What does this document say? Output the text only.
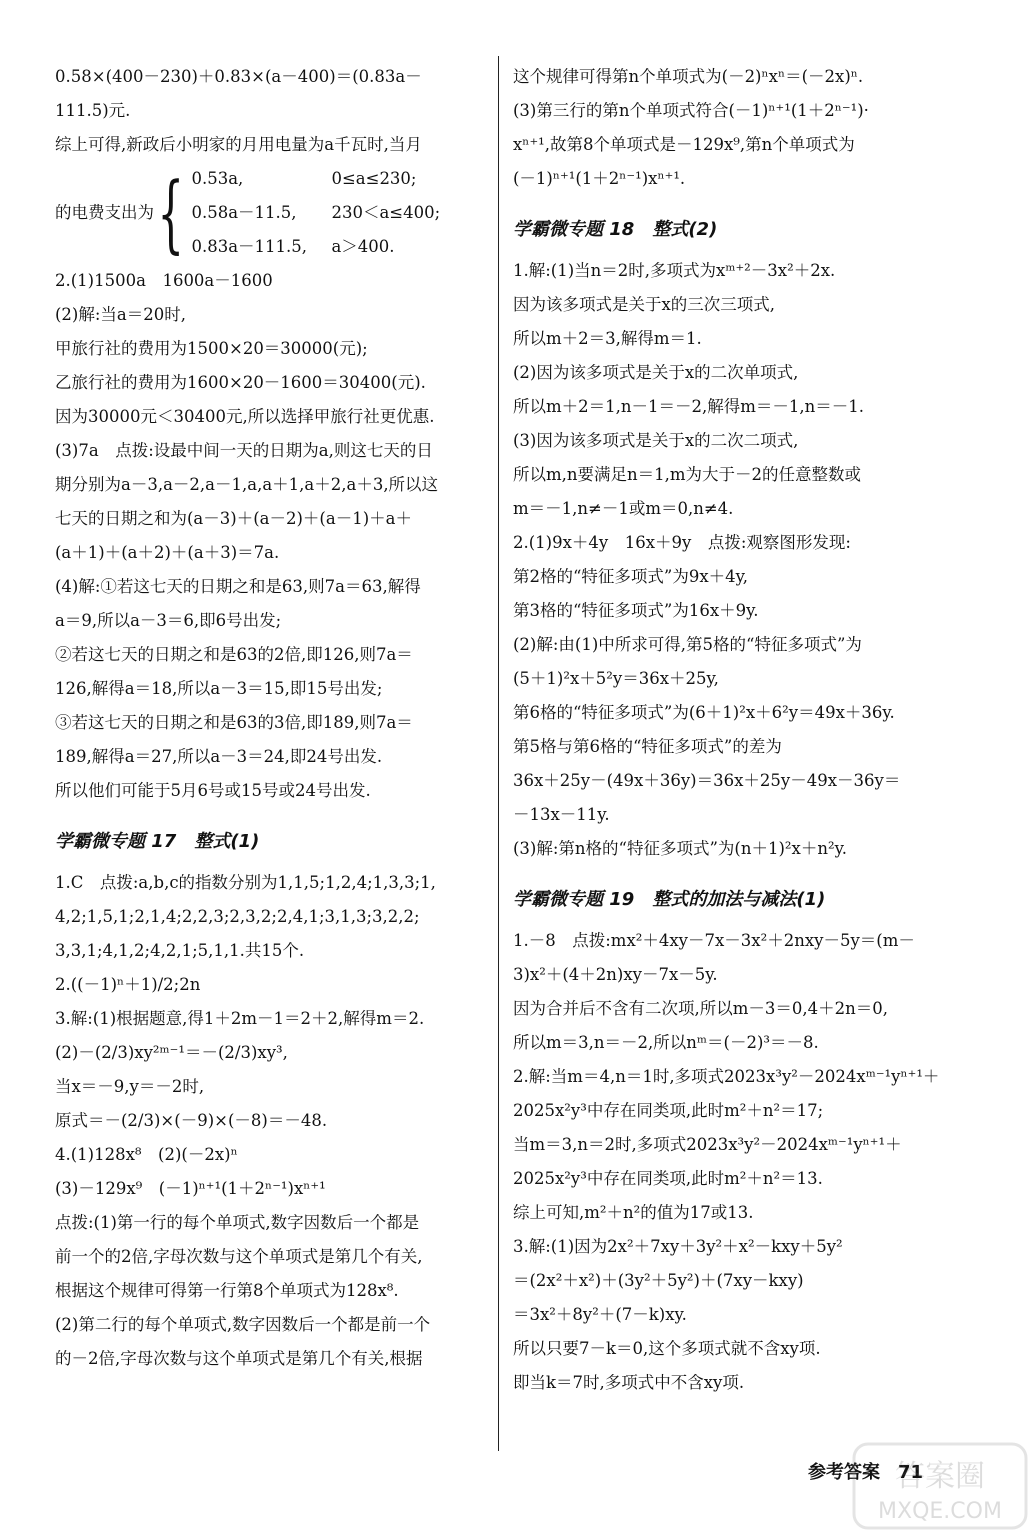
0.58×(400－230)＋0.83×(a－400)＝(0.83a－
111.5)元.
综上可得,新政后小明家的月用电量为a千瓦时,当月
的电费支出为 { 0.53a,	0≤a≤230;
0.58a－11.5, 230＜a≤400;
0.83a－111.5, a＞400.
2.(1)1500a　1600a－1600
(2)解:当a＝20时,
甲旅行社的费用为1500×20＝30000(元);
乙旅行社的费用为1600×20－1600＝30400(元).
因为30000元＜30400元,所以选择甲旅行社更优惠.
(3)7a　点拨:设最中间一天的日期为a,则这七天的日
期分别为a－3,a－2,a－1,a,a＋1,a＋2,a＋3,所以这
七天的日期之和为(a－3)＋(a－2)＋(a－1)＋a＋
(a＋1)＋(a＋2)＋(a＋3)＝7a.
(4)解:①若这七天的日期之和是63,则7a＝63,解得
a＝9,所以a－3＝6,即6号出发;
②若这七天的日期之和是63的2倍,即126,则7a＝
126,解得a＝18,所以a－3＝15,即15号出发;
③若这七天的日期之和是63的3倍,即189,则7a＝
189,解得a＝27,所以a－3＝24,即24号出发.
所以他们可能于5月6号或15号或24号出发.
学霸微专题 17　整式(1)
1.C　点拨:a,b,c的指数分别为1,1,5;1,2,4;1,3,3;1,
4,2;1,5,1;2,1,4;2,2,3;2,3,2;2,4,1;3,1,3;3,2,2;
3,3,1;4,1,2;4,2,1;5,1,1.共15个.
2.((－1)ⁿ＋1)/2;2n
3.解:(1)根据题意,得1＋2m－1＝2＋2,解得m＝2.
(2)－(2/3)xy²ᵐ⁻¹＝－(2/3)xy³,
当x＝－9,y＝－2时,
原式＝－(2/3)×(－9)×(－8)＝－48.
4.(1)128x⁸　(2)(－2x)ⁿ
(3)－129x⁹　(－1)ⁿ⁺¹(1＋2ⁿ⁻¹)xⁿ⁺¹
点拨:(1)第一行的每个单项式,数字因数后一个都是
前一个的2倍,字母次数与这个单项式是第几个有关,
根据这个规律可得第一行第8个单项式为128x⁸.
(2)第二行的每个单项式,数字因数后一个都是前一个
的－2倍,字母次数与这个单项式是第几个有关,根据
这个规律可得第n个单项式为(－2)ⁿxⁿ＝(－2x)ⁿ.
(3)第三行的第n个单项式符合(－1)ⁿ⁺¹(1＋2ⁿ⁻¹)·
xⁿ⁺¹,故第8个单项式是－129x⁹,第n个单项式为
(－1)ⁿ⁺¹(1＋2ⁿ⁻¹)xⁿ⁺¹.
学霸微专题 18　整式(2)
1.解:(1)当n＝2时,多项式为xᵐ⁺²－3x²＋2x.
因为该多项式是关于x的三次三项式,
所以m＋2＝3,解得m＝1.
(2)因为该多项式是关于x的二次单项式,
所以m＋2＝1,n－1＝－2,解得m＝－1,n＝－1.
(3)因为该多项式是关于x的二次二项式,
所以m,n要满足n＝1,m为大于－2的任意整数或
m＝－1,n≠－1或m＝0,n≠4.
2.(1)9x＋4y　16x＋9y　点拨:观察图形发现:
第2格的“特征多项式”为9x＋4y,
第3格的“特征多项式”为16x＋9y.
(2)解:由(1)中所求可得,第5格的“特征多项式”为
(5＋1)²x＋5²y＝36x＋25y,
第6格的“特征多项式”为(6＋1)²x＋6²y＝49x＋36y.
第5格与第6格的“特征多项式”的差为
36x＋25y－(49x＋36y)＝36x＋25y－49x－36y＝
－13x－11y.
(3)解:第n格的“特征多项式”为(n＋1)²x＋n²y.
学霸微专题 19　整式的加法与减法(1)
1.－8　点拨:mx²＋4xy－7x－3x²＋2nxy－5y＝(m－
3)x²＋(4＋2n)xy－7x－5y.
因为合并后不含有二次项,所以m－3＝0,4＋2n＝0,
所以m＝3,n＝－2,所以nᵐ＝(－2)³＝－8.
2.解:当m＝4,n＝1时,多项式2023x³y²－2024xᵐ⁻¹yⁿ⁺¹＋
2025x²y³中存在同类项,此时m²＋n²＝17;
当m＝3,n＝2时,多项式2023x³y²－2024xᵐ⁻¹yⁿ⁺¹＋
2025x²y³中存在同类项,此时m²＋n²＝13.
综上可知,m²＋n²的值为17或13.
3.解:(1)因为2x²＋7xy＋3y²＋x²－kxy＋5y²
＝(2x²＋x²)＋(3y²＋5y²)＋(7xy－kxy)
＝3x²＋8y²＋(7－k)xy.
所以只要7－k＝0,这个多项式就不含xy项.
即当k＝7时,多项式中不含xy项.
参考答案　71
答案圈
MXQE.COM
